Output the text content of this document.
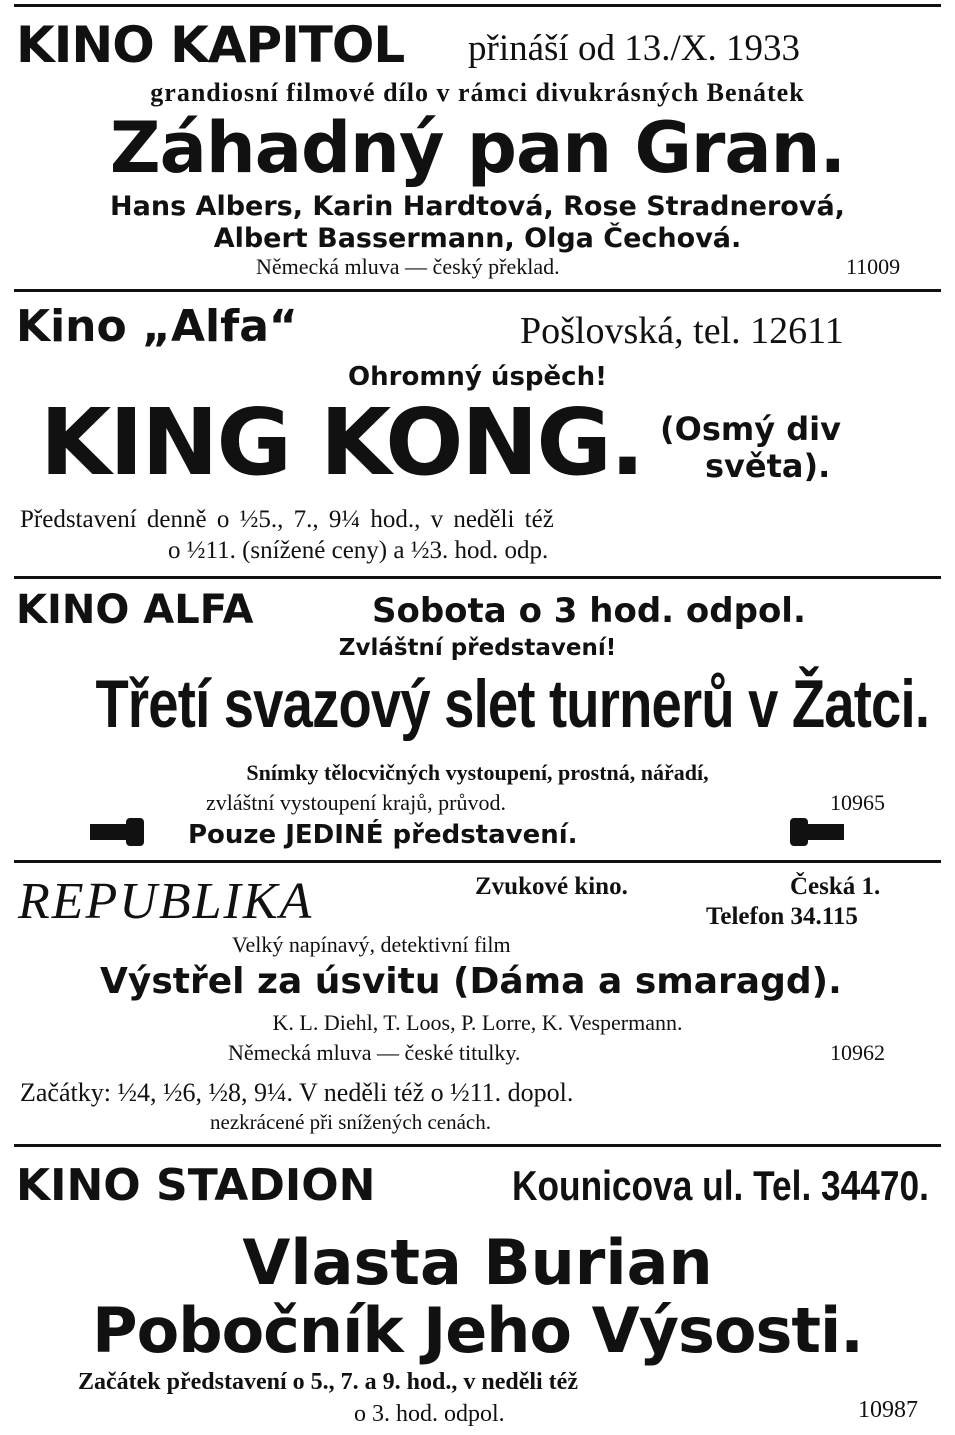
KINO KAPITOL přináší od 13./X. 1933
grandiosní filmové dílo v rámci divukrásných Benátek
Záhadný pan Gran.
Hans Albers, Karin Hardtová, Rose Stradnerová,
Albert Bassermann, Olga Čechová.
Německá mluva — český překlad.	11009
Kino „Alfa“	Pošlovská, tel. 12611
Ohromný úspěch!
KING KONG. (Osmý div
světa).
Představení denně o ½5., 7., 9¼ hod., v neděli též
o ½11. (snížené ceny) a ½3. hod. odp.
KINO ALFA	Sobota o 3 hod. odpol.
Zvláštní představení!
Třetí svazový slet turnerů v Žatci.
Snímky tělocvičných vystoupení, prostná, nářadí,
zvláštní vystoupení krajů, průvod.	10965
Pouze JEDINÉ představení.
REPUBLIKA	Zvukové kino.	Česká 1.
Telefon 34.115
Velký napínavý, detektivní film
Výstřel za úsvitu (Dáma a smaragd).
K. L. Diehl, T. Loos, P. Lorre, K. Vespermann.
Německá mluva — české titulky.	10962
Začátky: ½4, ½6, ½8, 9¼. V neděli též o ½11. dopol.
nezkrácené při snížených cenách.
KINO STADION	Kounicova ul. Tel. 34470.
Vlasta Burian
Pobočník Jeho Výsosti.
Začátek představení o 5., 7. a 9. hod., v neděli též
o 3. hod. odpol.	10987
